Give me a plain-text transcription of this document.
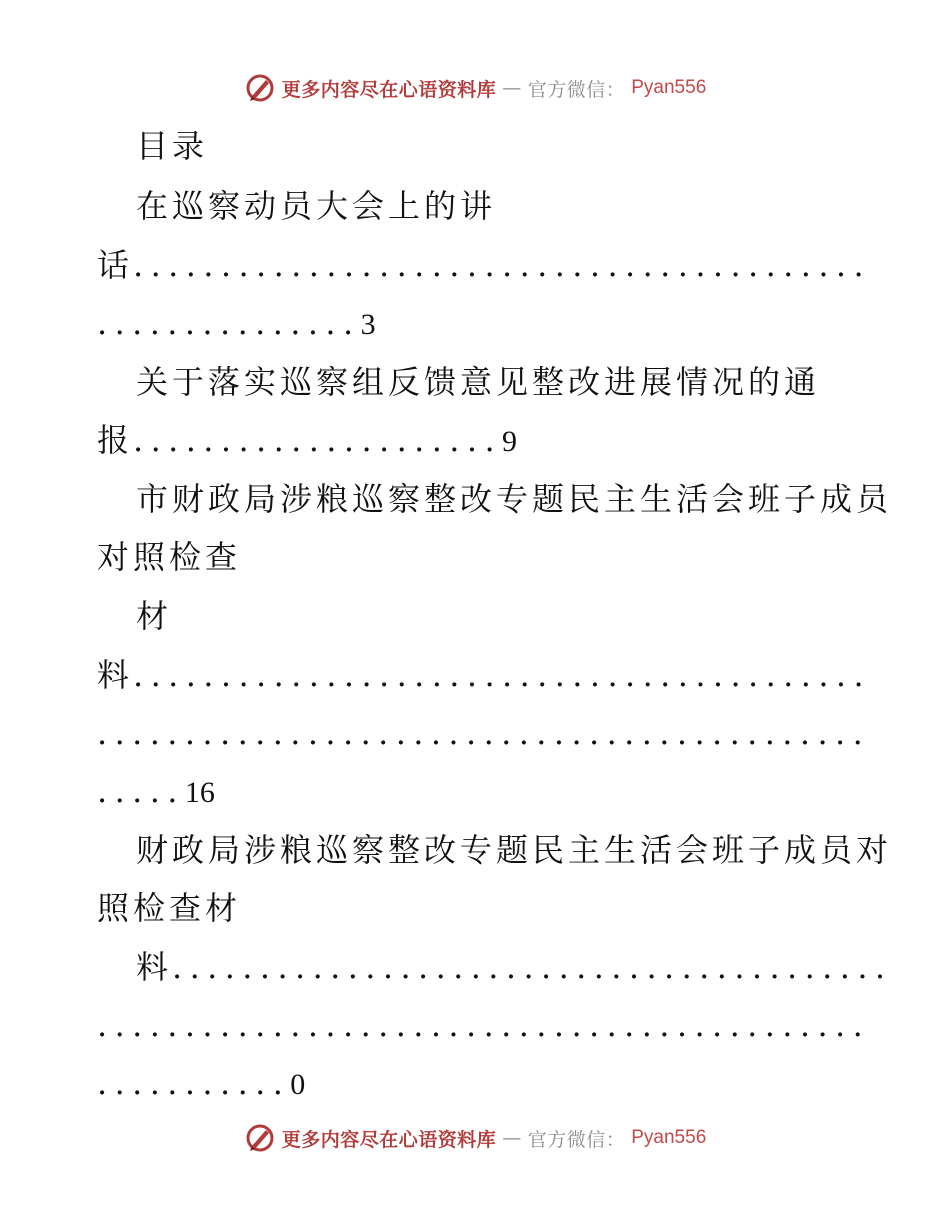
更多内容尽在心语资料库 — 官方微信： Pyan556
目录
在巡察动员大会上的讲
话..........................................
...............3
关于落实巡察组反馈意见整改进展情况的通
报.....................9
市财政局涉粮巡察整改专题民主生活会班子成员
对照检查
材
料..........................................
............................................
.....16
财政局涉粮巡察整改专题民主生活会班子成员对
照检查材
料.........................................
............................................
...........0
更多内容尽在心语资料库 — 官方微信： Pyan556
